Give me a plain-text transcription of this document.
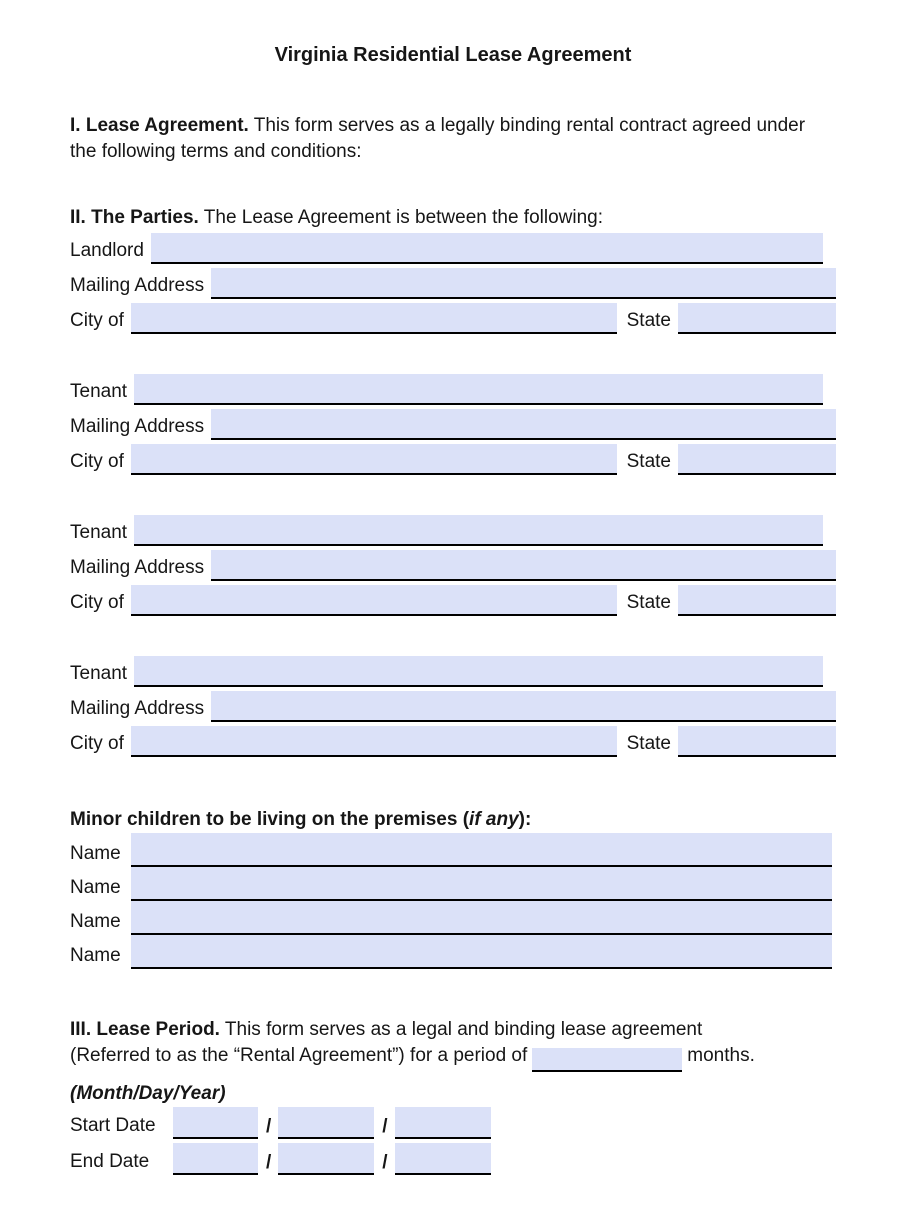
Virginia Residential Lease Agreement

I. Lease Agreement. This form serves as a legally binding rental contract agreed under the following terms and conditions:

II. The Parties. The Lease Agreement is between the following:

Landlord
Mailing Address
City of	State
Tenant
Mailing Address
City of	State
Tenant
Mailing Address
City of	State
Tenant
Mailing Address
City of	State

Minor children to be living on the premises (if any):

Name
Name
Name
Name

III. Lease Period. This form serves as a legal and binding lease agreement
(Referred to as the “Rental Agreement”) for a period of	months.

(Month/Day/Year)

Start Date	/	/
End Date	/	/
